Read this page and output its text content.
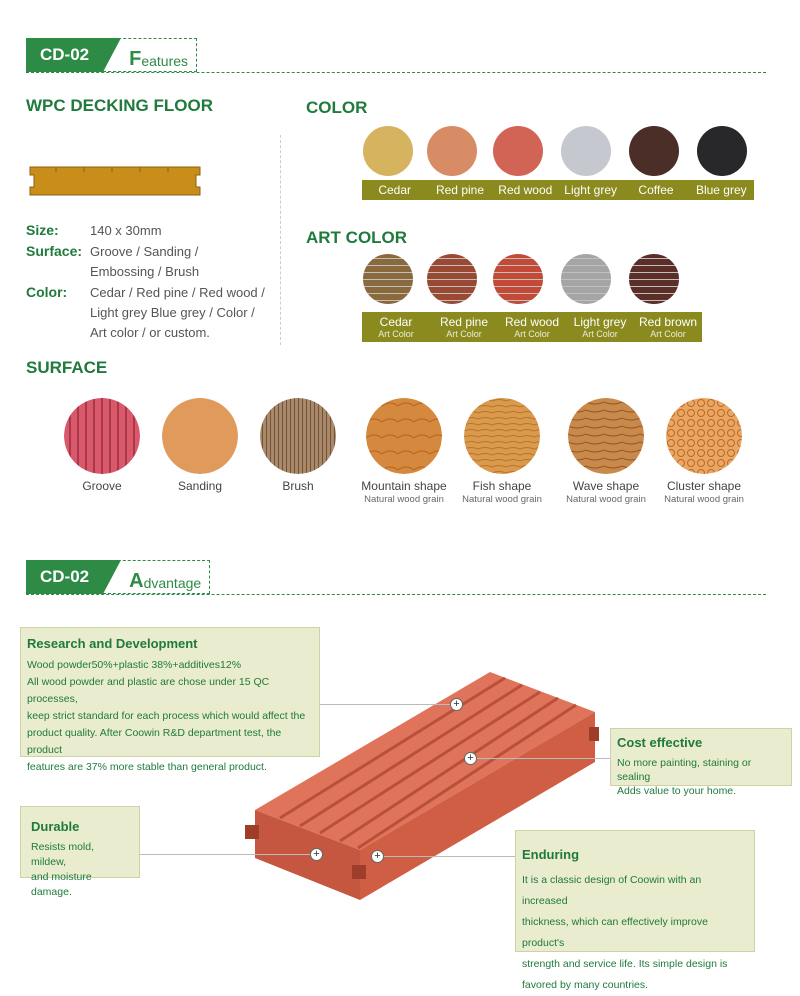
CD-02	F eatures
WPC DECKING FLOOR
Size: 140 x 30mm
Surface: Groove / Sanding /
Embossing / Brush
Color: Cedar / Red pine / Red wood /
Light grey Blue grey / Color /
Art color / or custom.
COLOR
Cedar	Red pine	Red wood Light grey	Coffee	Blue grey
ART COLOR
Cedar
Art Color
Red pine
Art Color
Red wood
Art Color
Light grey
Art Color
Red brown
Art Color
SURFACE
Groove	Sanding	Brush	Mountain shape
Natural wood grain
Fish shape
Natural wood grain
Wave shape
Natural wood grain
Cluster shape
Natural wood grain
CD-02	A dvantage
+
+
+	+
Research and Development

Wood powder50%+plastic 38%+additives12%

All wood powder and plastic are chose under 15 QC processes,

keep strict standard for each process which would affect the

product quality. After Coowin R&D department test, the product

features are 37% more stable than general product.

Cost effective

No more painting, staining or sealing

Adds value to your home.

Durable

Resists mold, mildew,

and moisture damage.

Enduring

It is a classic design of Coowin with an increased

thickness, which can effectively improve product's

strength and service life. Its simple design is

favored by many countries.
